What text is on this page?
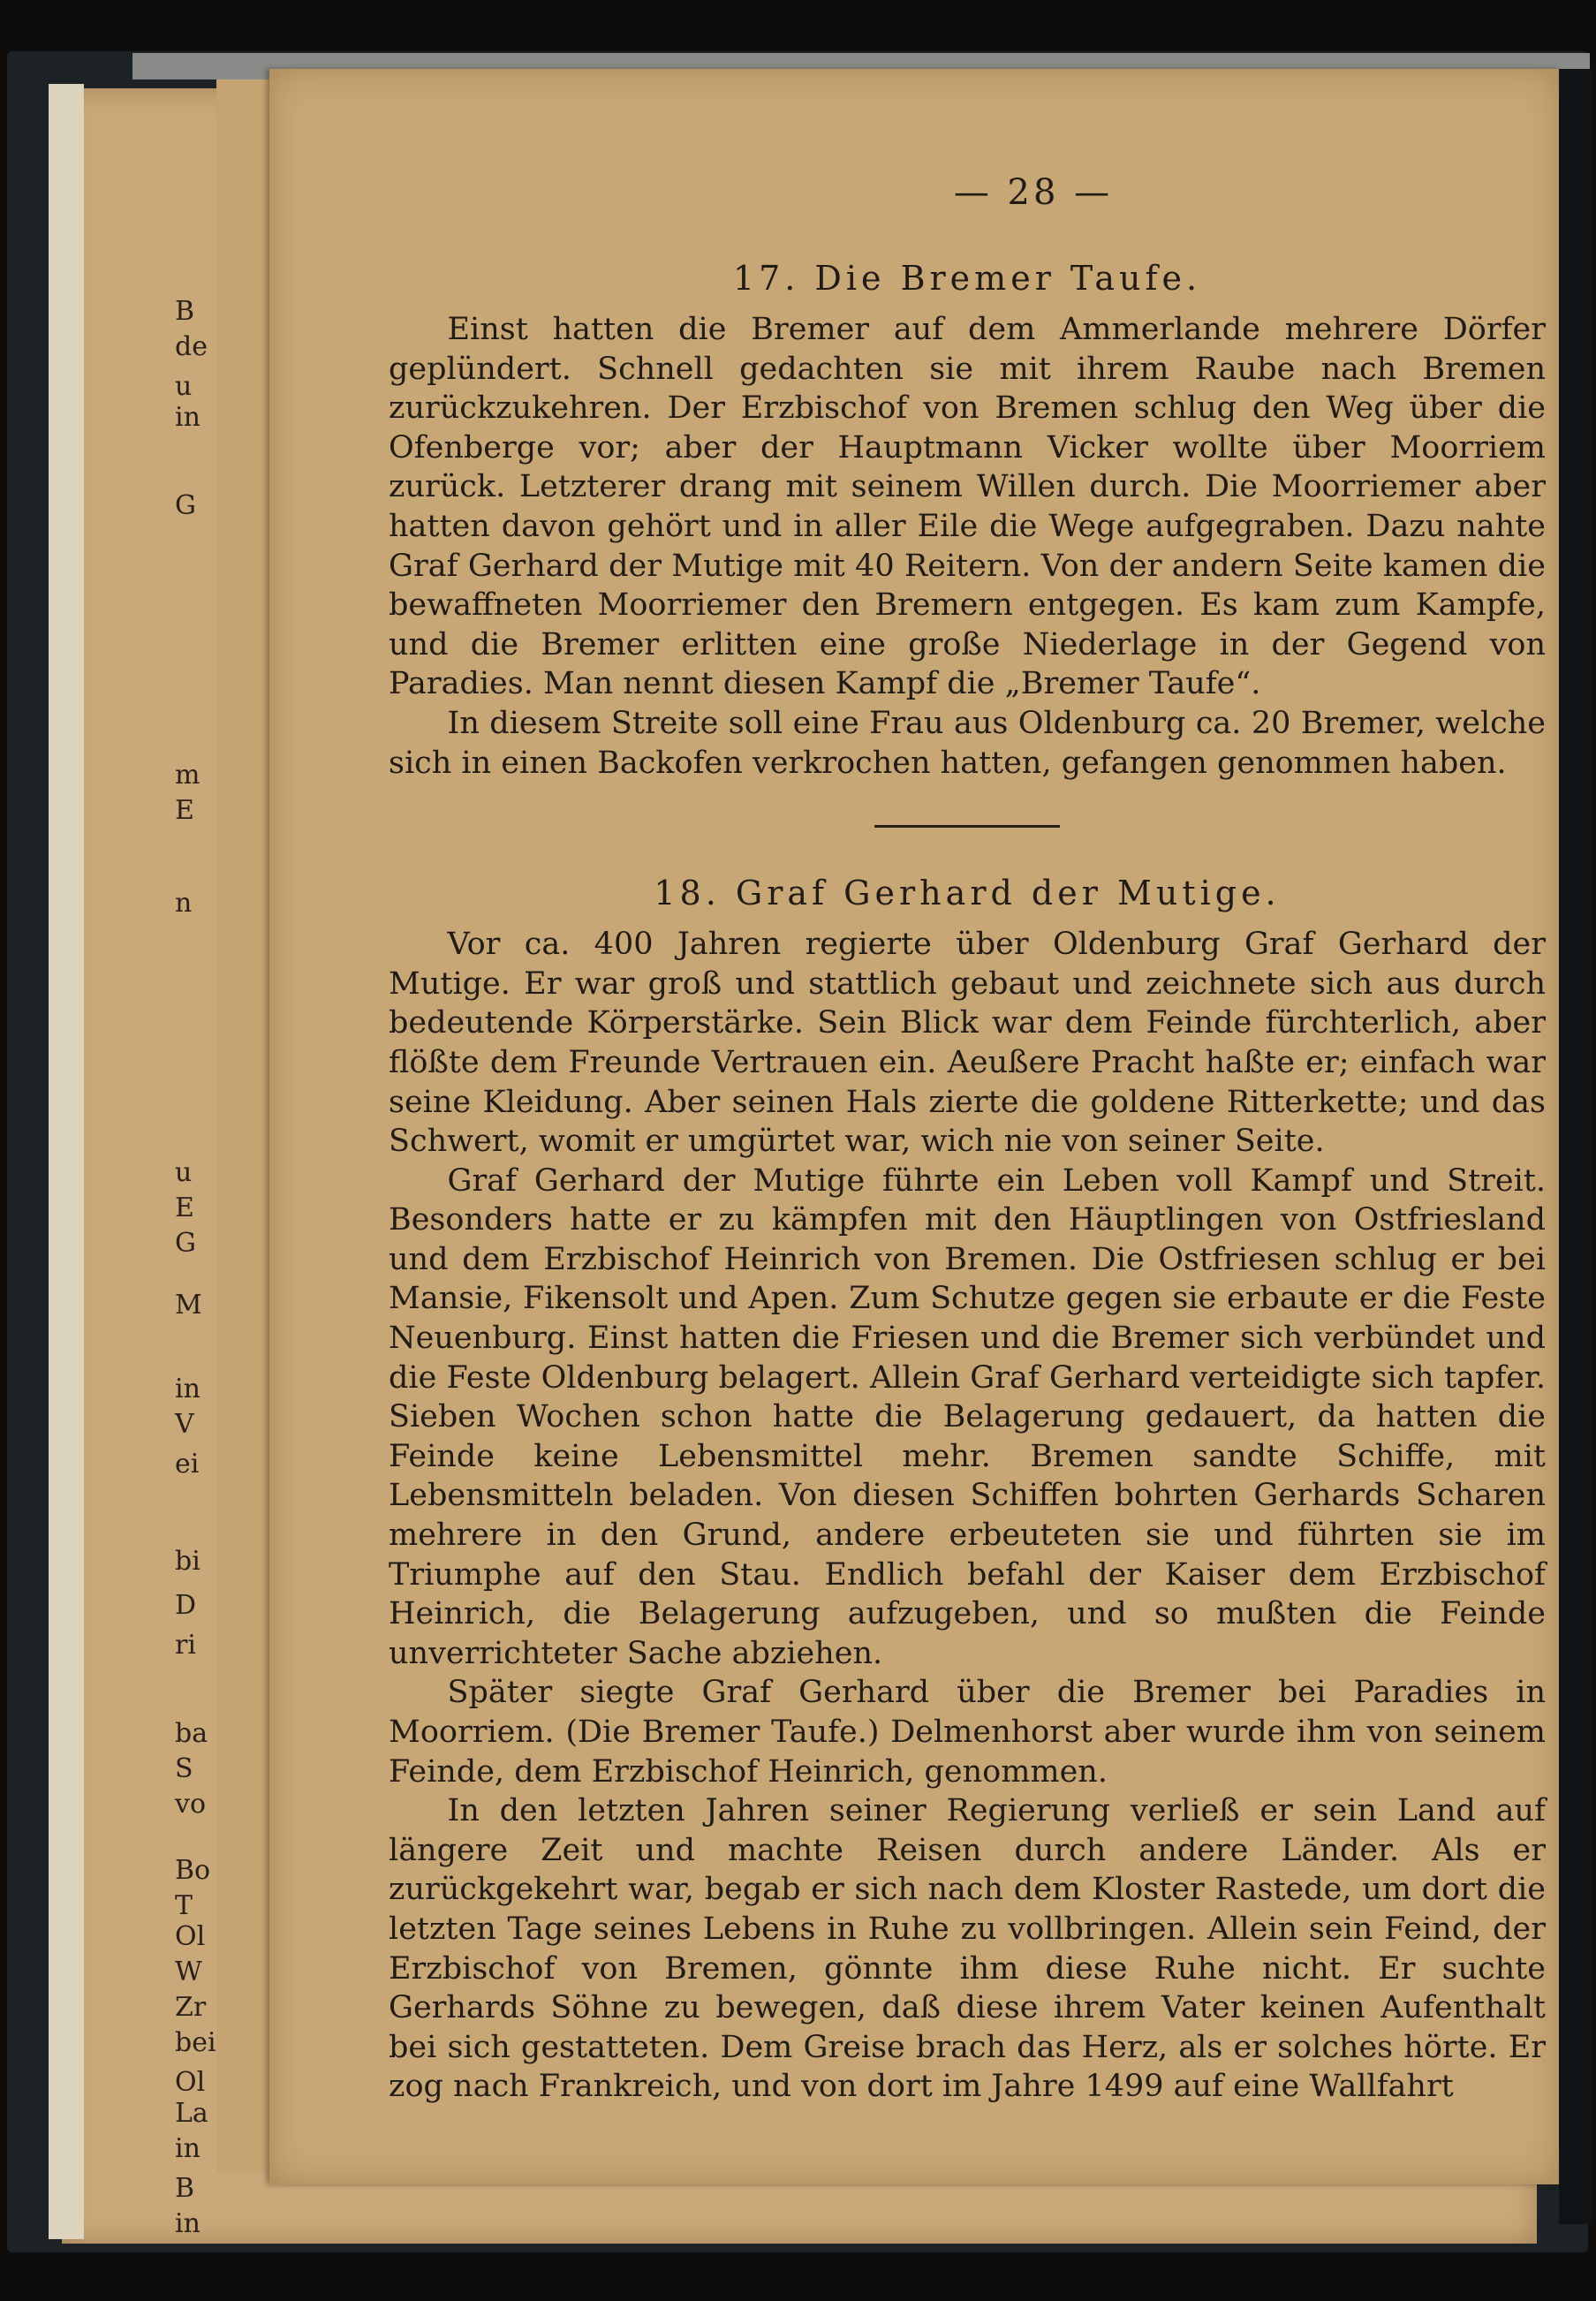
B
de
u
in
G
m
E
n
u
E
G
M
in
V
ei
bi
D
ri
ba
S
vo
Bo
T
Ol
W
Zr
bei
Ol
La
in
B
in
— 28 —
17. Die Bremer Taufe.

Einst hatten die Bremer auf dem Ammerlande mehrere Dörfer geplündert. Schnell gedachten sie mit ihrem Raube nach Bremen zurückzukehren. Der Erzbischof von Bremen schlug den Weg über die Ofenberge vor; aber der Hauptmann Vicker wollte über Moorriem zurück. Letzterer drang mit seinem Willen durch. Die Moorriemer aber hatten davon gehört und in aller Eile die Wege aufgegraben. Dazu nahte Graf Gerhard der Mutige mit 40 Reitern. Von der andern Seite kamen die bewaffneten Moorriemer den Bremern entgegen. Es kam zum Kampfe, und die Bremer erlitten eine große Niederlage in der Gegend von Paradies. Man nennt diesen Kampf die „Bremer Taufe“.

In diesem Streite soll eine Frau aus Oldenburg ca. 20 Bremer, welche sich in einen Backofen verkrochen hatten, gefangen genommen haben.

18. Graf Gerhard der Mutige.

Vor ca. 400 Jahren regierte über Oldenburg Graf Gerhard der Mutige. Er war groß und stattlich gebaut und zeichnete sich aus durch bedeutende Körperstärke. Sein Blick war dem Feinde fürchterlich, aber flößte dem Freunde Vertrauen ein. Aeußere Pracht haßte er; einfach war seine Kleidung. Aber seinen Hals zierte die goldene Ritterkette; und das Schwert, womit er umgürtet war, wich nie von seiner Seite.

Graf Gerhard der Mutige führte ein Leben voll Kampf und Streit. Besonders hatte er zu kämpfen mit den Häuptlingen von Ostfriesland und dem Erzbischof Heinrich von Bremen. Die Ostfriesen schlug er bei Mansie, Fikensolt und Apen. Zum Schutze gegen sie erbaute er die Feste Neuenburg. Einst hatten die Friesen und die Bremer sich verbündet und die Feste Oldenburg belagert. Allein Graf Gerhard verteidigte sich tapfer. Sieben Wochen schon hatte die Belagerung gedauert, da hatten die Feinde keine Lebensmittel mehr. Bremen sandte Schiffe, mit Lebensmitteln beladen. Von diesen Schiffen bohrten Gerhards Scharen mehrere in den Grund, andere erbeuteten sie und führten sie im Triumphe auf den Stau. Endlich befahl der Kaiser dem Erzbischof Heinrich, die Belagerung aufzugeben, und so mußten die Feinde unverrichteter Sache abziehen.

Später siegte Graf Gerhard über die Bremer bei Paradies in Moorriem. (Die Bremer Taufe.) Delmenhorst aber wurde ihm von seinem Feinde, dem Erzbischof Heinrich, genommen.

In den letzten Jahren seiner Regierung verließ er sein Land auf längere Zeit und machte Reisen durch andere Länder. Als er zurückgekehrt war, begab er sich nach dem Kloster Rastede, um dort die letzten Tage seines Lebens in Ruhe zu vollbringen. Allein sein Feind, der Erzbischof von Bremen, gönnte ihm diese Ruhe nicht. Er suchte Gerhards Söhne zu bewegen, daß diese ihrem Vater keinen Aufenthalt bei sich gestatteten. Dem Greise brach das Herz, als er solches hörte. Er zog nach Frankreich, und von dort im Jahre 1499 auf eine Wallfahrt
